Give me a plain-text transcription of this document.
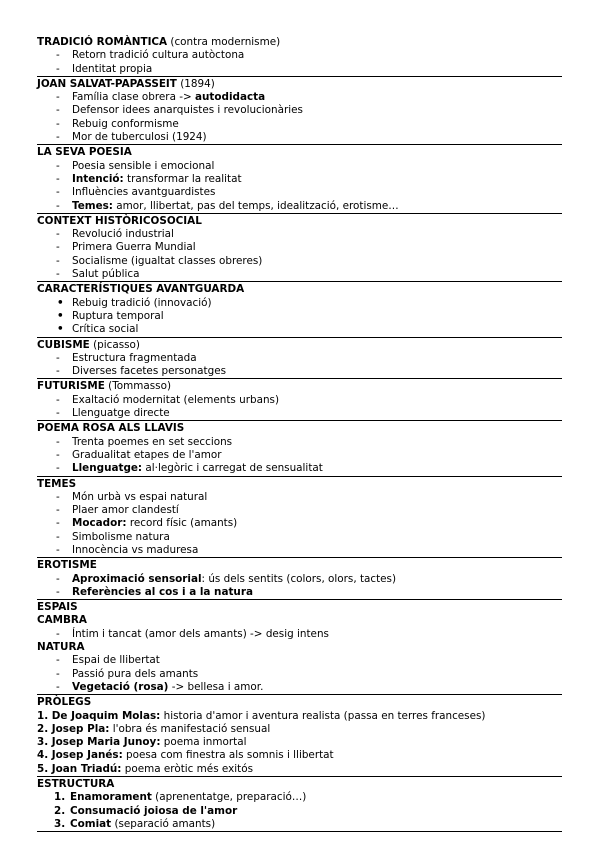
TRADICIÓ ROMÀNTICA (contra modernisme)
- Retorn tradició cultura autòctona
- Identitat propia
JOAN SALVAT-PAPASSEIT (1894)
- Família clase obrera -> autodidacta
- Defensor idees anarquistes i revolucionàries
- Rebuig conformisme
- Mor de tuberculosi (1924)
LA SEVA POESIA
- Poesia sensible i emocional
- Intenció: transformar la realitat
- Influències avantguardistes
- Temes: amor, llibertat, pas del temps, idealització, erotisme…
CONTEXT HISTÒRICOSOCIAL
- Revolució industrial
- Primera Guerra Mundial
- Socialisme (igualtat classes obreres)
- Salut pública
CARACTERÍSTIQUES AVANTGUARDA
• Rebuig tradició (innovació)
• Ruptura temporal
• Crítica social
CUBISME (picasso)
- Estructura fragmentada
- Diverses facetes personatges
FUTURISME (Tommasso)
- Exaltació modernitat (elements urbans)
- Llenguatge directe
POEMA ROSA ALS LLAVIS
- Trenta poemes en set seccions
- Gradualitat etapes de l'amor
- Llenguatge: al·legòric i carregat de sensualitat
TEMES
- Món urbà vs espai natural
- Plaer amor clandestí
- Mocador: record físic (amants)
- Simbolisme natura
- Innocència vs maduresa
EROTISME
- Aproximació sensorial: ús dels sentits (colors, olors, tactes)
- Referències al cos i a la natura
ESPAIS
CAMBRA
- Íntim i tancat (amor dels amants) -> desig intens
NATURA
- Espai de llibertat
- Passió pura dels amants
- Vegetació (rosa) -> bellesa i amor.
PRÒLEGS
1. De Joaquim Molas: historia d'amor i aventura realista (passa en terres franceses)
2. Josep Pla: l'obra és manifestació sensual
3. Josep Maria Junoy: poema inmortal
4. Josep Janés: poesa com finestra als somnis i llibertat
5. Joan Triadú: poema eròtic més exitós
ESTRUCTURA
1. Enamorament (aprenentatge, preparació…)
2. Consumació joiosa de l'amor
3. Comiat (separació amants)
